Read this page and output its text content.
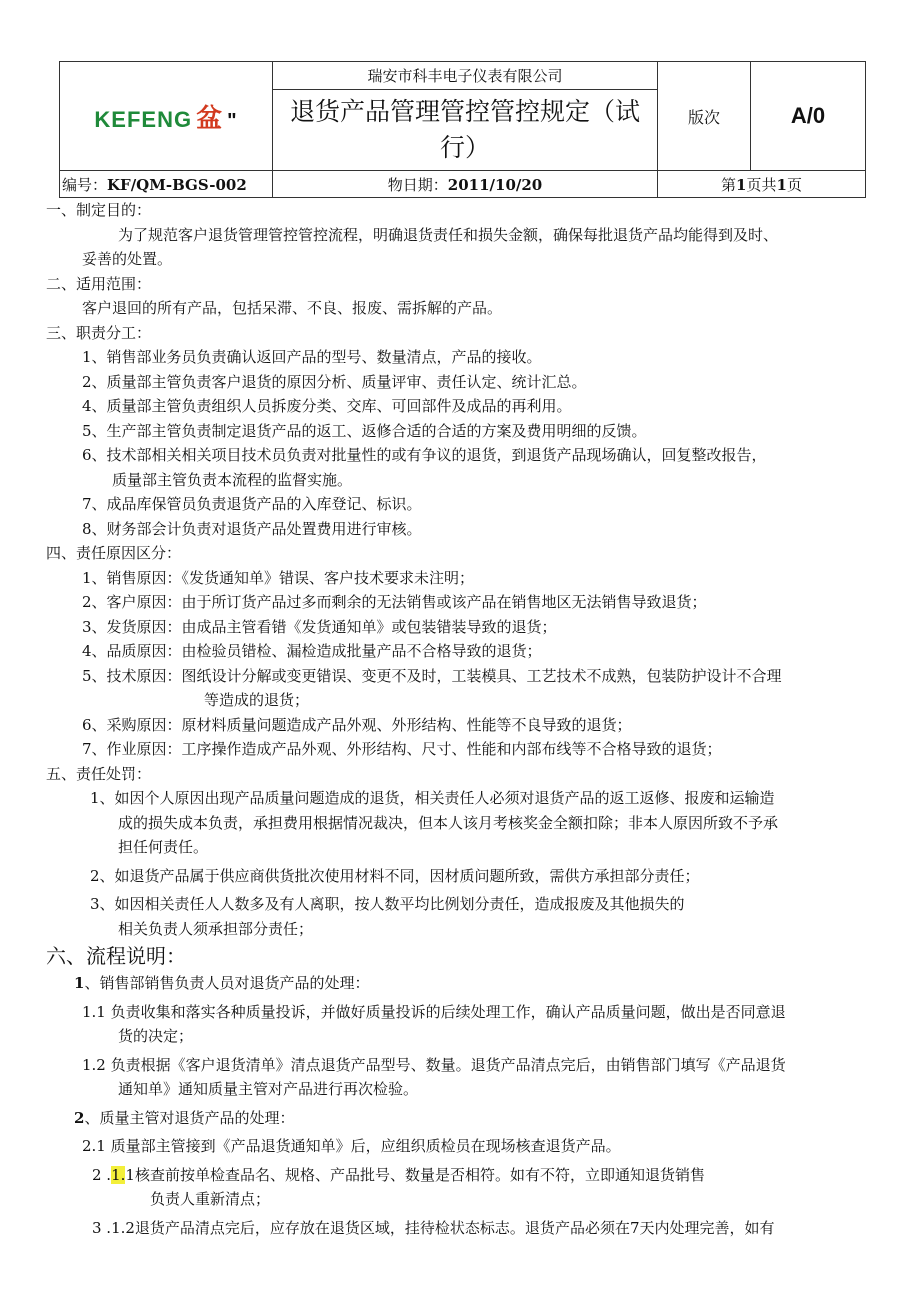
KEFENG 盆 "	瑞安市科丰电子仪表有限公司
退货产品管理管控管控规定（试行）	版次	A/0
编号：KF/QM-BGS-002	物日期：2011/10/20	第1页共1页	

一、制定目的：

为了规范客户退货管理管控管控流程，明确退货责任和损失金额，确保每批退货产品均能得到及时、

妥善的处置。

二、适用范围：

客户退回的所有产品，包括呆滞、不良、报废、需拆解的产品。

三、职责分工：

1、销售部业务员负责确认返回产品的型号、数量清点，产品的接收。

2、质量部主管负责客户退货的原因分析、质量评审、责任认定、统计汇总。

4、质量部主管负责组织人员拆废分类、交库、可回部件及成品的再利用。

5、生产部主管负责制定退货产品的返工、返修合适的合适的方案及费用明细的反馈。

6、技术部相关相关项目技术员负责对批量性的或有争议的退货，到退货产品现场确认，回复整改报告，

质量部主管负责本流程的监督实施。

7、成品库保管员负责退货产品的入库登记、标识。

8、财务部会计负责对退货产品处置费用进行审核。

四、责任原因区分：

1、销售原因：《发货通知单》错误、客户技术要求未注明；

2、客户原因：由于所订货产品过多而剩余的无法销售或该产品在销售地区无法销售导致退货；

3、发货原因：由成品主管看错《发货通知单》或包装错装导致的退货；

4、品质原因：由检验员错检、漏检造成批量产品不合格导致的退货；

5、技术原因：图纸设计分解或变更错误、变更不及时，工装模具、工艺技术不成熟，包装防护设计不合理

等造成的退货；

6、采购原因：原材料质量问题造成产品外观、外形结构、性能等不良导致的退货；

7、作业原因：工序操作造成产品外观、外形结构、尺寸、性能和内部布线等不合格导致的退货；

五、责任处罚：

1、如因个人原因出现产品质量问题造成的退货，相关责任人必须对退货产品的返工返修、报废和运输造

成的损失成本负责，承担费用根据情况裁决，但本人该月考核奖金全额扣除；非本人原因所致不予承

担任何责任。

2、如退货产品属于供应商供货批次使用材料不同，因材质问题所致，需供方承担部分责任；

3、如因相关责任人人数多及有人离职，按人数平均比例划分责任，造成报废及其他损失的

相关负责人须承担部分责任；

六、流程说明：

1、销售部销售负责人员对退货产品的处理：

1.1 负责收集和落实各种质量投诉，并做好质量投诉的后续处理工作，确认产品质量问题，做出是否同意退

货的决定；

1.2 负责根据《客户退货清单》清点退货产品型号、数量。退货产品清点完后，由销售部门填写《产品退货

通知单》通知质量主管对产品进行再次检验。

2、质量主管对退货产品的处理：

2.1 质量部主管接到《产品退货通知单》后，应组织质检员在现场核查退货产品。

2 .1.1核查前按单检查品名、规格、产品批号、数量是否相符。如有不符，立即通知退货销售

负责人重新清点；

3 .1.2退货产品清点完后，应存放在退货区域，挂待检状态标志。退货产品必须在7天内处理完善，如有
